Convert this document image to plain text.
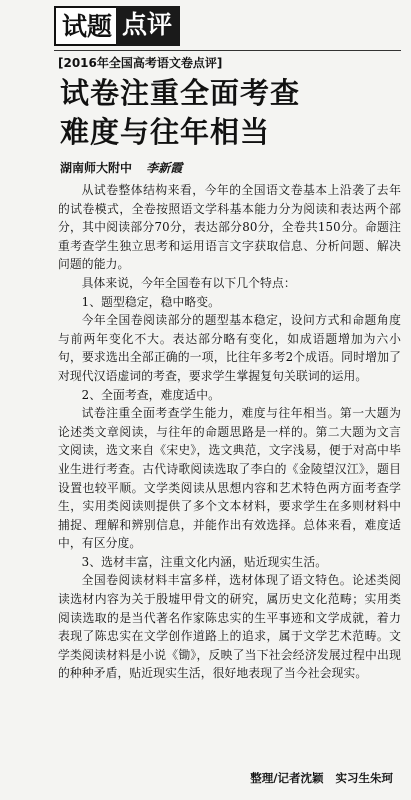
试题 点评
[2016年全国高考语文卷点评]
试卷注重全面考查
难度与往年相当
湖南师大附中 李新霞

从试卷整体结构来看，今年的全国语文卷基本上沿袭了去年的试卷模式，全卷按照语文学科基本能力分为阅读和表达两个部分，其中阅读部分70分，表达部分80分，全卷共150分。命题注重考查学生独立思考和运用语言文字获取信息、分析问题、解决问题的能力。

具体来说，今年全国卷有以下几个特点：

1、题型稳定，稳中略变。

今年全国卷阅读部分的题型基本稳定，设问方式和命题角度与前两年变化不大。表达部分略有变化，如成语题增加为六小句，要求选出全部正确的一项，比往年多考2个成语。同时增加了对现代汉语虚词的考查，要求学生掌握复句关联词的运用。

2、全面考查，难度适中。

试卷注重全面考查学生能力，难度与往年相当。第一大题为论述类文章阅读，与往年的命题思路是一样的。第二大题为文言文阅读，选文来自《宋史》，选文典范，文字浅易，便于对高中毕业生进行考查。古代诗歌阅读选取了李白的《金陵望汉江》，题目设置也较平顺。文学类阅读从思想内容和艺术特色两方面考查学生，实用类阅读则提供了多个文本材料，要求学生在多则材料中捕捉、理解和辨别信息，并能作出有效选择。总体来看，难度适中，有区分度。

3、选材丰富，注重文化内涵，贴近现实生活。

全国卷阅读材料丰富多样，选材体现了语文特色。论述类阅读选材内容为关于殷墟甲骨文的研究，属历史文化范畴；实用类阅读选取的是当代著名作家陈忠实的生平事迹和文学成就，着力表现了陈忠实在文学创作道路上的追求，属于文学艺术范畴。文学类阅读材料是小说《锄》，反映了当下社会经济发展过程中出现的种种矛盾，贴近现实生活，很好地表现了当今社会现实。

整理/记者沈颖 实习生朱珂
